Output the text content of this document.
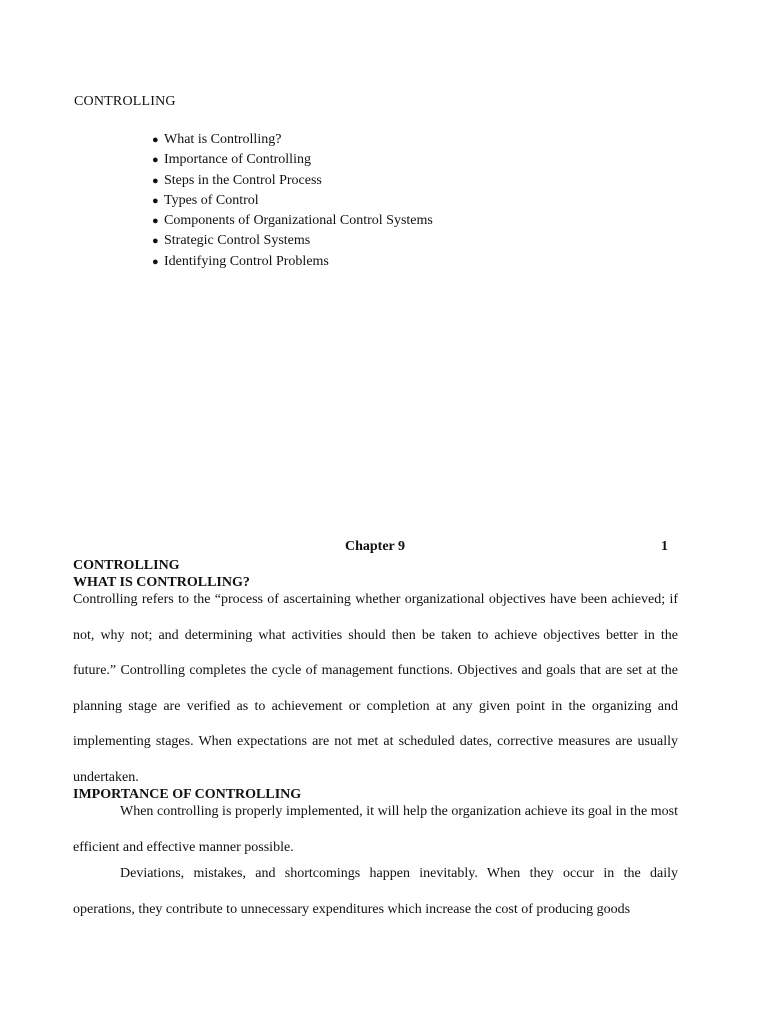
CONTROLLING
● What is Controlling?
● Importance of Controlling
● Steps in the Control Process
● Types of Control
● Components of Organizational Control Systems
● Strategic Control Systems
● Identifying Control Problems
Chapter 9	1
CONTROLLING
WHAT IS CONTROLLING?

Controlling refers to the “process of ascertaining whether organizational objectives have been achieved; if not, why not; and determining what activities should then be taken to achieve objectives better in the future.” Controlling completes the cycle of management functions. Objectives and goals that are set at the planning stage are verified as to achievement or completion at any given point in the organizing and implementing stages. When expectations are not met at scheduled dates, corrective measures are usually undertaken.

IMPORTANCE OF CONTROLLING

When controlling is properly implemented, it will help the organization achieve its goal in the most efficient and effective manner possible.

Deviations, mistakes, and shortcomings happen inevitably. When they occur in the daily operations, they contribute to unnecessary expenditures which increase the cost of producing goods
